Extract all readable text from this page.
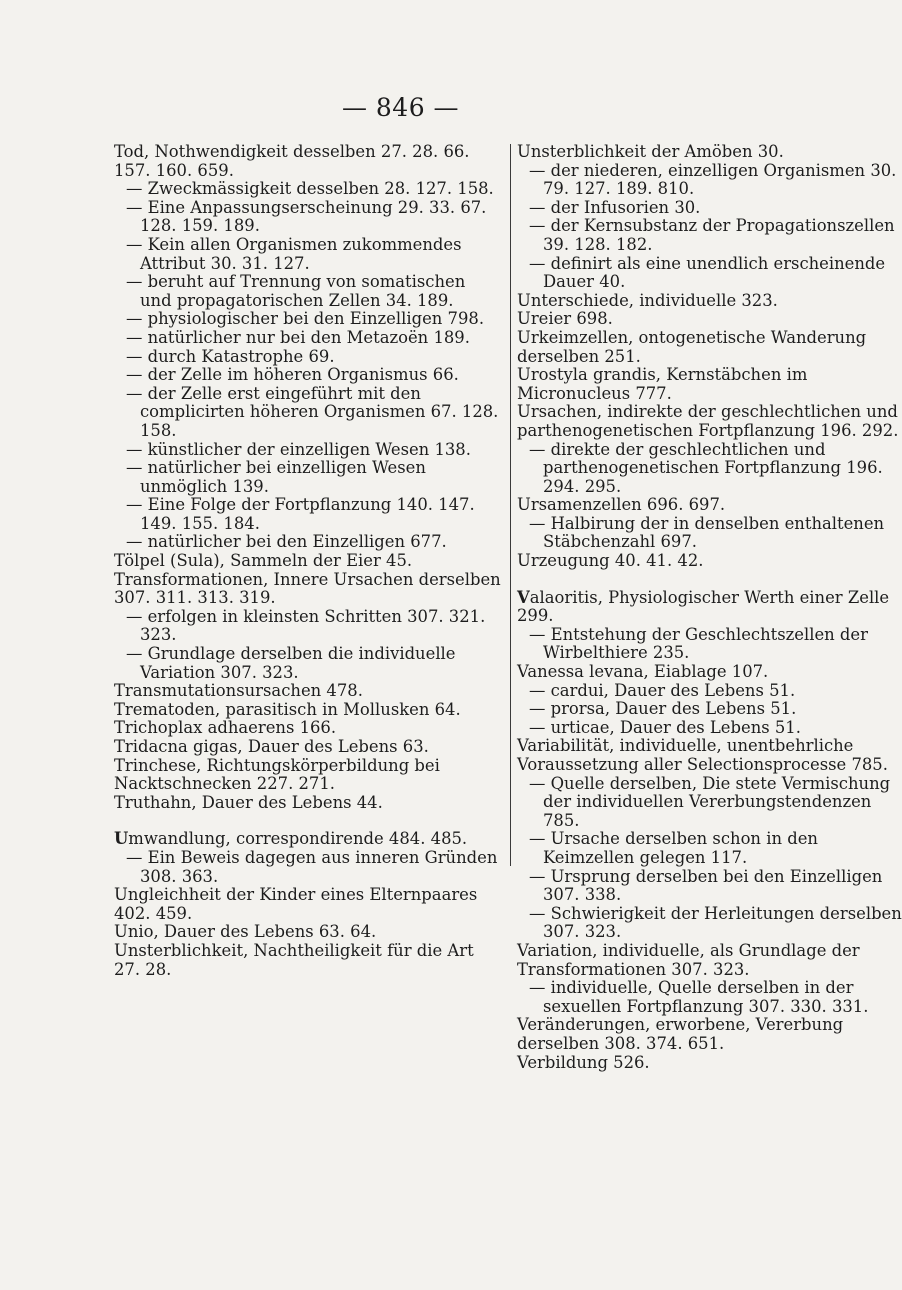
— 846 —

Tod, Nothwendigkeit desselben 27. 28. 66. 157. 160. 659.

— Zweckmässigkeit desselben 28. 127. 158.

— Eine Anpassungserscheinung 29. 33. 67. 128. 159. 189.

— Kein allen Organismen zukommendes Attribut 30. 31. 127.

— beruht auf Trennung von somatischen und propagatorischen Zellen 34. 189.

— physiologischer bei den Einzelligen 798.

— natürlicher nur bei den Metazoën 189.

— durch Katastrophe 69.

— der Zelle im höheren Organismus 66.

— der Zelle erst eingeführt mit den complicirten höheren Organismen 67. 128. 158.

— künstlicher der einzelligen Wesen 138.

— natürlicher bei einzelligen Wesen unmöglich 139.

— Eine Folge der Fortpflanzung 140. 147. 149. 155. 184.

— natürlicher bei den Einzelligen 677.

Tölpel (Sula), Sammeln der Eier 45.

Transformationen, Innere Ursachen derselben 307. 311. 313. 319.

— erfolgen in kleinsten Schritten 307. 321. 323.

— Grundlage derselben die individuelle Variation 307. 323.

Transmutationsursachen 478.

Trematoden, parasitisch in Mollusken 64.

Trichoplax adhaerens 166.

Tridacna gigas, Dauer des Lebens 63.

Trinchese, Richtungskörperbildung bei Nacktschnecken 227. 271.

Truthahn, Dauer des Lebens 44.

Umwandlung, correspondirende 484. 485.

— Ein Beweis dagegen aus inneren Gründen 308. 363.

Ungleichheit der Kinder eines Elternpaares 402. 459.

Unio, Dauer des Lebens 63. 64.

Unsterblichkeit, Nachtheiligkeit für die Art 27. 28.

Unsterblichkeit der Amöben 30.

— der niederen, einzelligen Organismen 30. 79. 127. 189. 810.

— der Infusorien 30.

— der Kernsubstanz der Propagationszellen 39. 128. 182.

— definirt als eine unendlich erscheinende Dauer 40.

Unterschiede, individuelle 323.

Ureier 698.

Urkeimzellen, ontogenetische Wanderung derselben 251.

Urostyla grandis, Kernstäbchen im Micronucleus 777.

Ursachen, indirekte der geschlechtlichen und parthenogenetischen Fortpflanzung 196. 292.

— direkte der geschlechtlichen und parthenogenetischen Fortpflanzung 196. 294. 295.

Ursamenzellen 696. 697.

— Halbirung der in denselben enthaltenen Stäbchenzahl 697.

Urzeugung 40. 41. 42.

Valaoritis, Physiologischer Werth einer Zelle 299.

— Entstehung der Geschlechtszellen der Wirbelthiere 235.

Vanessa levana, Eiablage 107.

— cardui, Dauer des Lebens 51.

— prorsa, Dauer des Lebens 51.

— urticae, Dauer des Lebens 51.

Variabilität, individuelle, unentbehrliche Voraussetzung aller Selectionsprocesse 785.

— Quelle derselben, Die stete Vermischung der individuellen Vererbungstendenzen 785.

— Ursache derselben schon in den Keimzellen gelegen 117.

— Ursprung derselben bei den Einzelligen 307. 338.

— Schwierigkeit der Herleitungen derselben 307. 323.

Variation, individuelle, als Grundlage der Transformationen 307. 323.

— individuelle, Quelle derselben in der sexuellen Fortpflanzung 307. 330. 331.

Veränderungen, erworbene, Vererbung derselben 308. 374. 651.

Verbildung 526.
